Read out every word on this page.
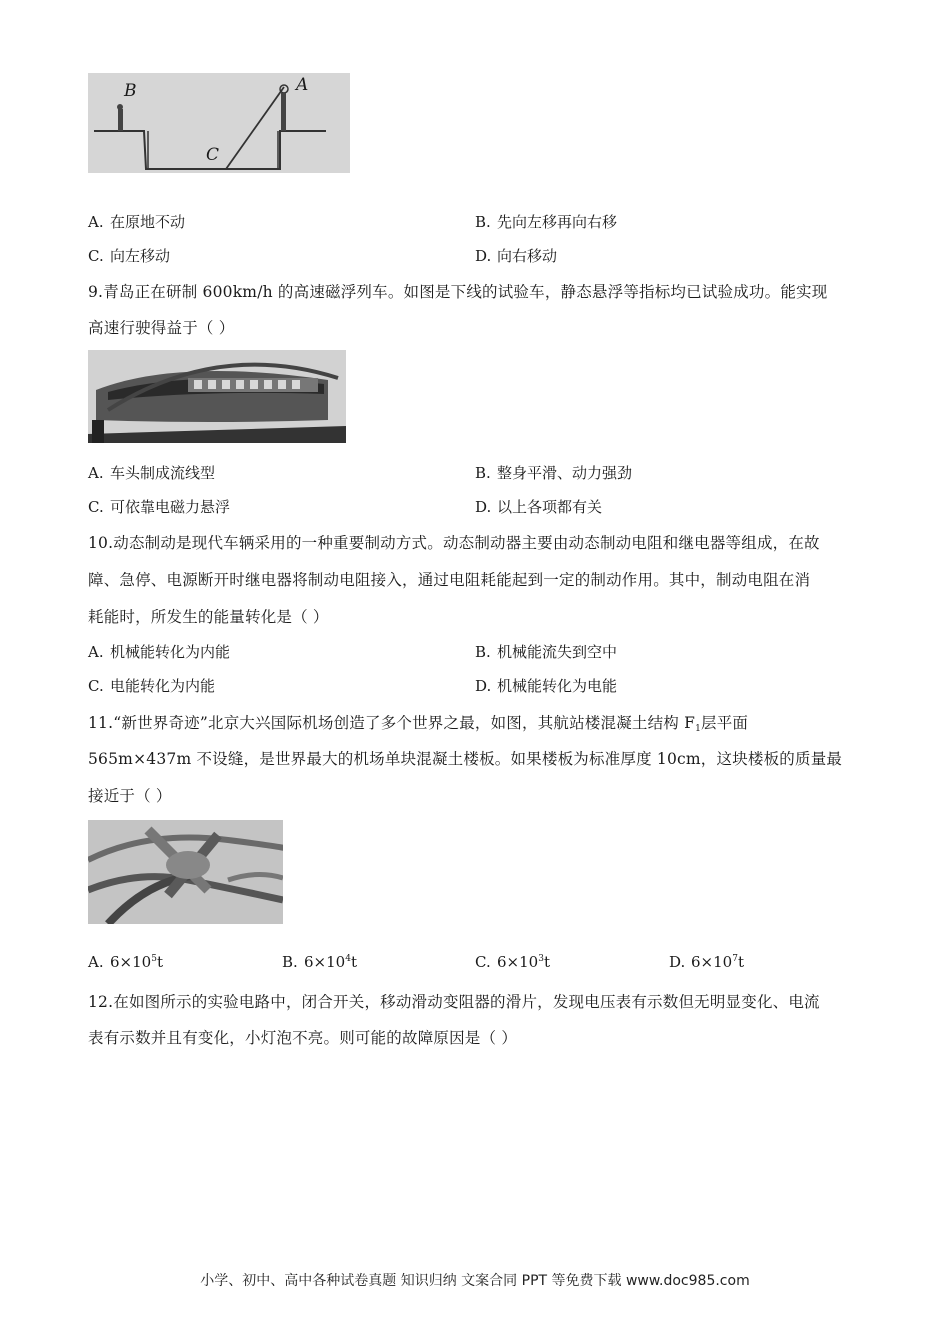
B	A
C
A. 在原地不动	B. 先向左移再向右移
C. 向左移动	D. 向右移动
9.青岛正在研制 600km/h 的高速磁浮列车。如图是下线的试验车，静态悬浮等指标均已试验成功。能实现
高速行驶得益于（ ）
A. 车头制成流线型	B. 整身平滑、动力强劲
C. 可依靠电磁力悬浮	D. 以上各项都有关
10.动态制动是现代车辆采用的一种重要制动方式。动态制动器主要由动态制动电阻和继电器等组成，在故
障、急停、电源断开时继电器将制动电阻接入，通过电阻耗能起到一定的制动作用。其中，制动电阻在消
耗能时，所发生的能量转化是（ ）
A. 机械能转化为内能	B. 机械能流失到空中
C. 电能转化为内能	D. 机械能转化为电能
11.“新世界奇迹”北京大兴国际机场创造了多个世界之最，如图，其航站楼混凝土结构 $F_1$层平面
565m×437m 不设缝，是世界最大的机场单块混凝土楼板。如果楼板为标准厚度 10cm，这块楼板的质量最
接近于（ ）
A. $6\times 10^5t$	B. $6\times 10^4t$	C. $6\times 10^3t$	D. $6\times 10^7t$
12.在如图所示的实验电路中，闭合开关，移动滑动变阻器的滑片，发现电压表有示数但无明显变化、电流
表有示数并且有变化，小灯泡不亮。则可能的故障原因是（ ）
小学、初中、高中各种试卷真题 知识归纳 文案合同 PPT 等免费下载 www.doc985.com
